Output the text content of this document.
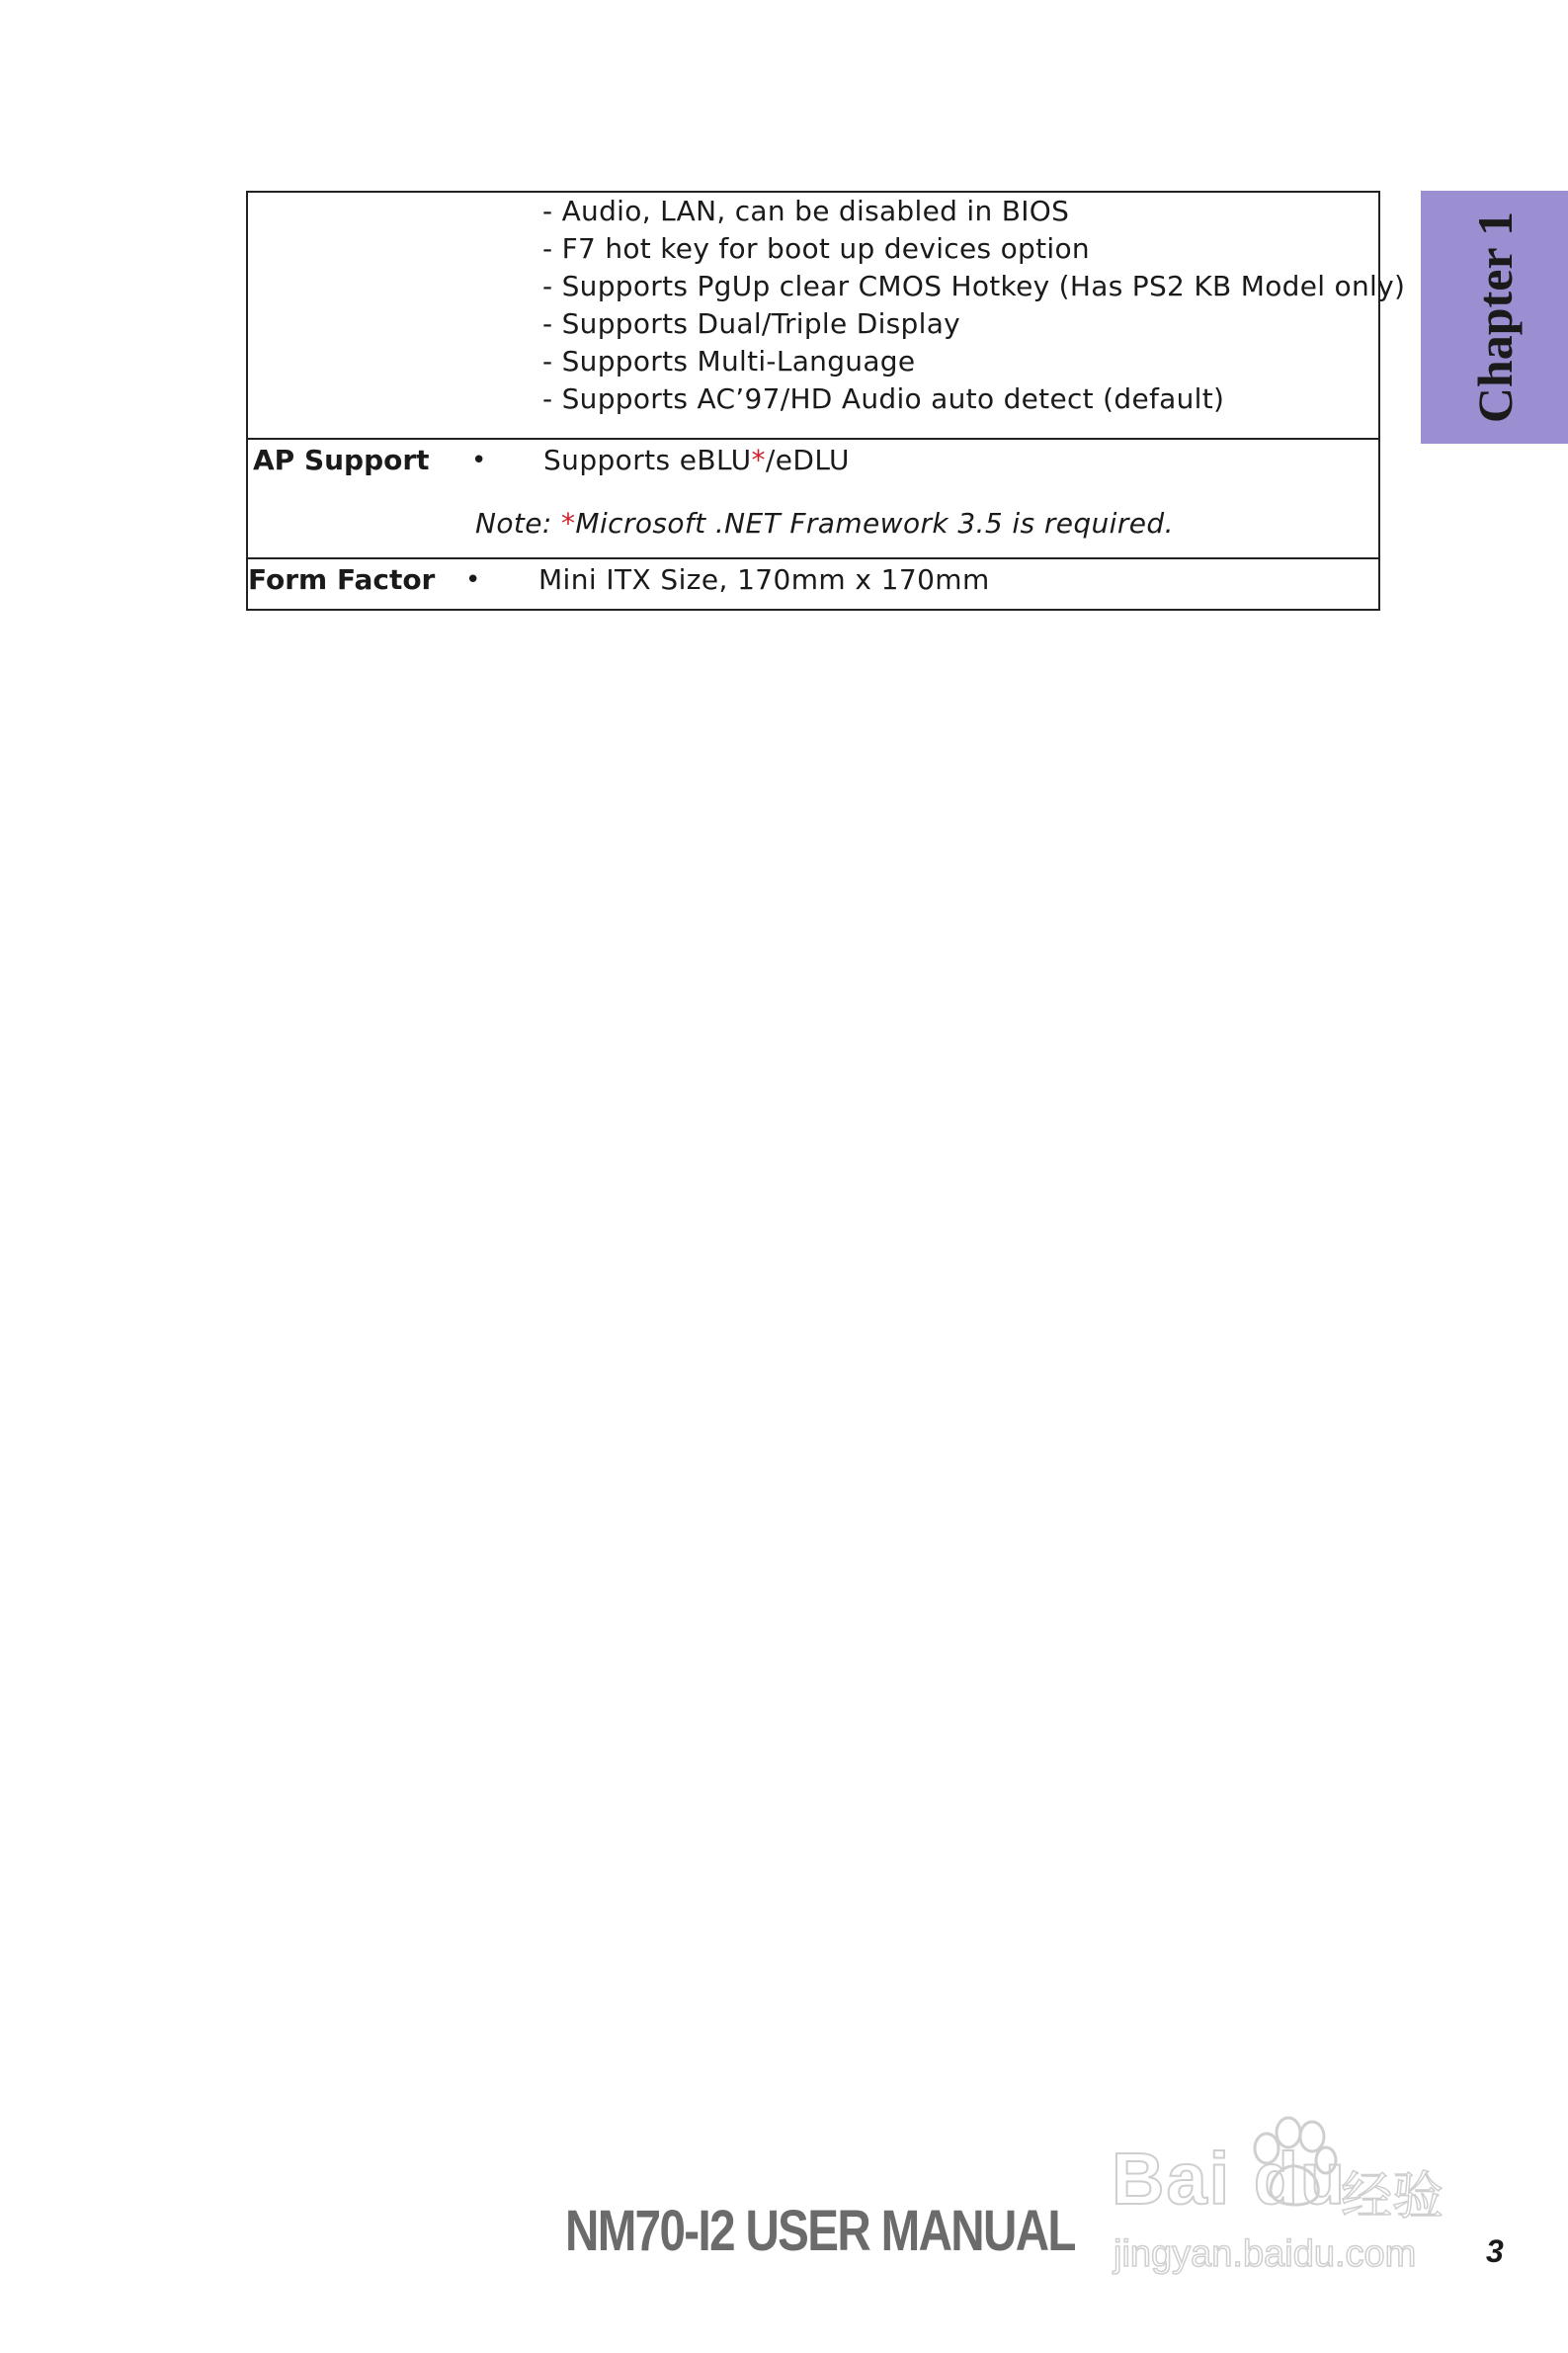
- Audio, LAN, can be disabled in BIOS
- F7 hot key for boot up devices option
- Supports PgUp clear CMOS Hotkey (Has PS2 KB Model only)
- Supports Dual/Triple Display
- Supports Multi-Language
- Supports AC’97/HD Audio auto detect (default)
AP Support • Supports eBLU*/eDLU
Note: *Microsoft .NET Framework 3.5 is required.
Form Factor • Mini ITX Size, 170mm x 170mm
Chapter 1
NM70-I2 USER MANUAL	3
Bai du
经验
jingyan.baidu.com
